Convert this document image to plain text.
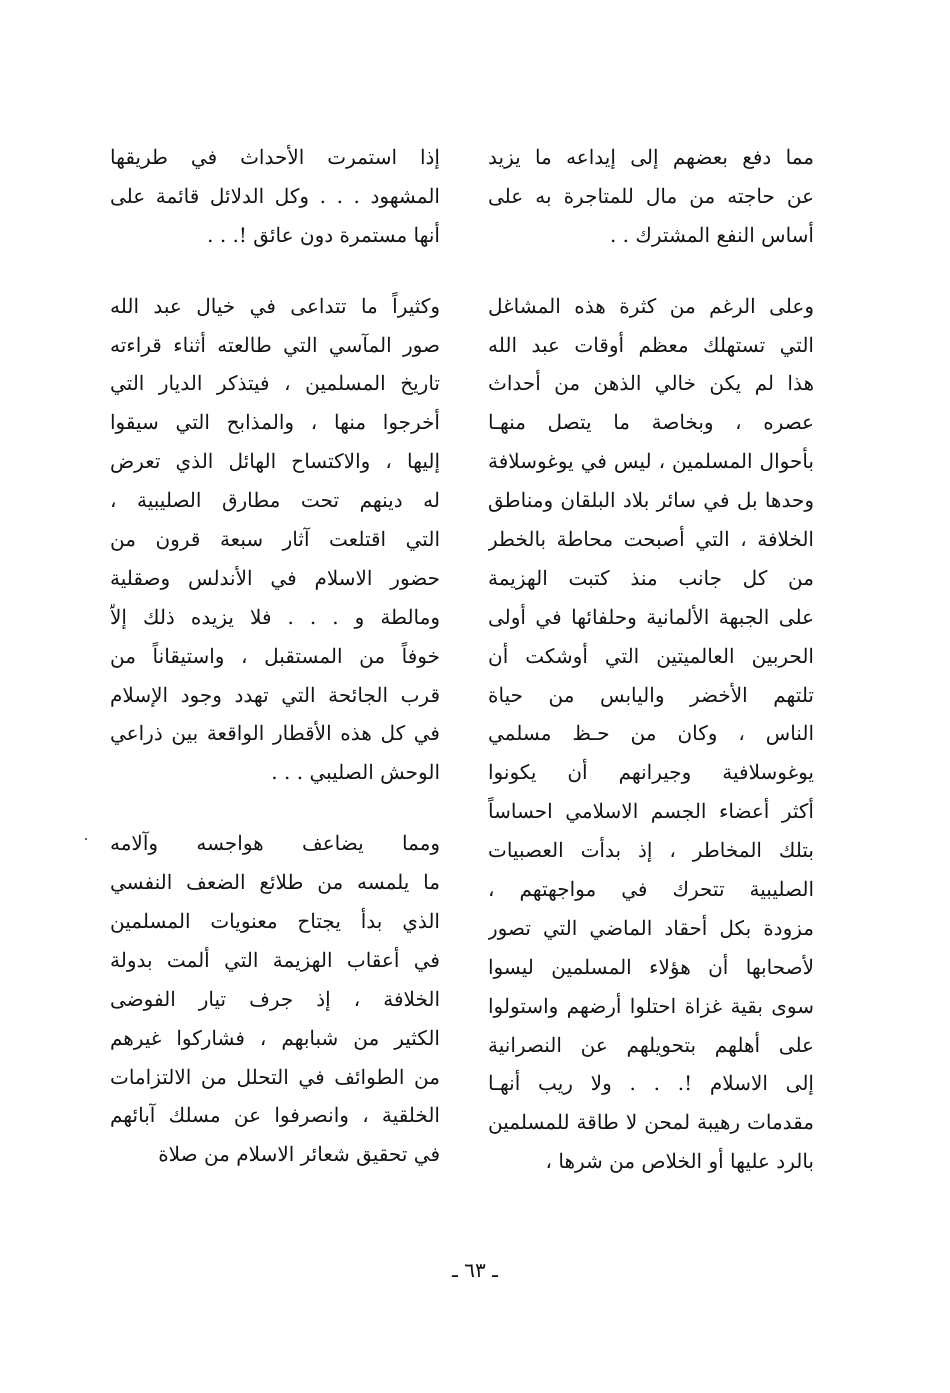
مما دفع بعضهم إلى إيداعه ما يزيد
عن حاجته من مال للمتاجرة به على
أساس النفع المشترك . .
وعلى الرغم من كثرة هذه المشاغل
التي تستهلك معظم أوقات عبد الله
هذا لم يكن خالي الذهن من أحداث
عصره ، وبخاصة ما يتصل منهـا
بأحوال المسلمين ، ليس في يوغوسلافة
وحدها بل في سائر بلاد البلقان ومناطق
الخلافة ، التي أصبحت محاطة بالخطر
من كل جانب منذ كتبت الهزيمة
على الجبهة الألمانية وحلفائها في أولى
الحربين العالميتين التي أوشكت أن
تلتهم الأخضر واليابس من حياة
الناس ، وكان من حـظ مسلمي
يوغوسلافية وجيرانهم أن يكونوا
أكثر أعضاء الجسم الاسلامي احساساً
بتلك المخاطر ، إذ بدأت العصبيات
الصليبية تتحرك في مواجهتهم ،
مزودة بكل أحقاد الماضي التي تصور
لأصحابها أن هؤلاء المسلمين ليسوا
سوى بقية غزاة احتلوا أرضهم واستولوا
على أهلهم بتحويلهم عن النصرانية
إلى الاسلام !. . . ولا ريب أنهـا
مقدمات رهيبة لمحن لا طاقة للمسلمين
بالرد عليها أو الخلاص من شرها ،
إذا استمرت الأحداث في طريقها
المشهود . . . وكل الدلائل قائمة على
أنها مستمرة دون عائق !. . .
وكثيراً ما تتداعى في خيال عبد الله
صور المآسي التي طالعته أثناء قراءته
تاريخ المسلمين ، فيتذكر الديار التي
أخرجوا منها ، والمذابح التي سيقوا
إليها ، والاكتساح الهائل الذي تعرض
له دينهم تحت مطارق الصليبية ،
التي اقتلعت آثار سبعة قرون من
حضور الاسلام في الأندلس وصقلية
ومالطة و . . . فلا يزيده ذلك إلاّ
خوفاً من المستقبل ، واستيقاناً من
قرب الجائحة التي تهدد وجود الإسلام
في كل هذه الأقطار الواقعة بين ذراعي
الوحش الصليبي . . .
ومما يضاعف هواجسه وآلامه
ما يلمسه من طلائع الضعف النفسي
الذي بدأ يجتاح معنويات المسلمين
في أعقاب الهزيمة التي ألمت بدولة
الخلافة ، إذ جرف تيار الفوضى
الكثير من شبابهم ، فشاركوا غيرهم
من الطوائف في التحلل من الالتزامات
الخلقية ، وانصرفوا عن مسلك آبائهم
في تحقيق شعائر الاسلام من صلاة
ـ ٦٣ ـ
